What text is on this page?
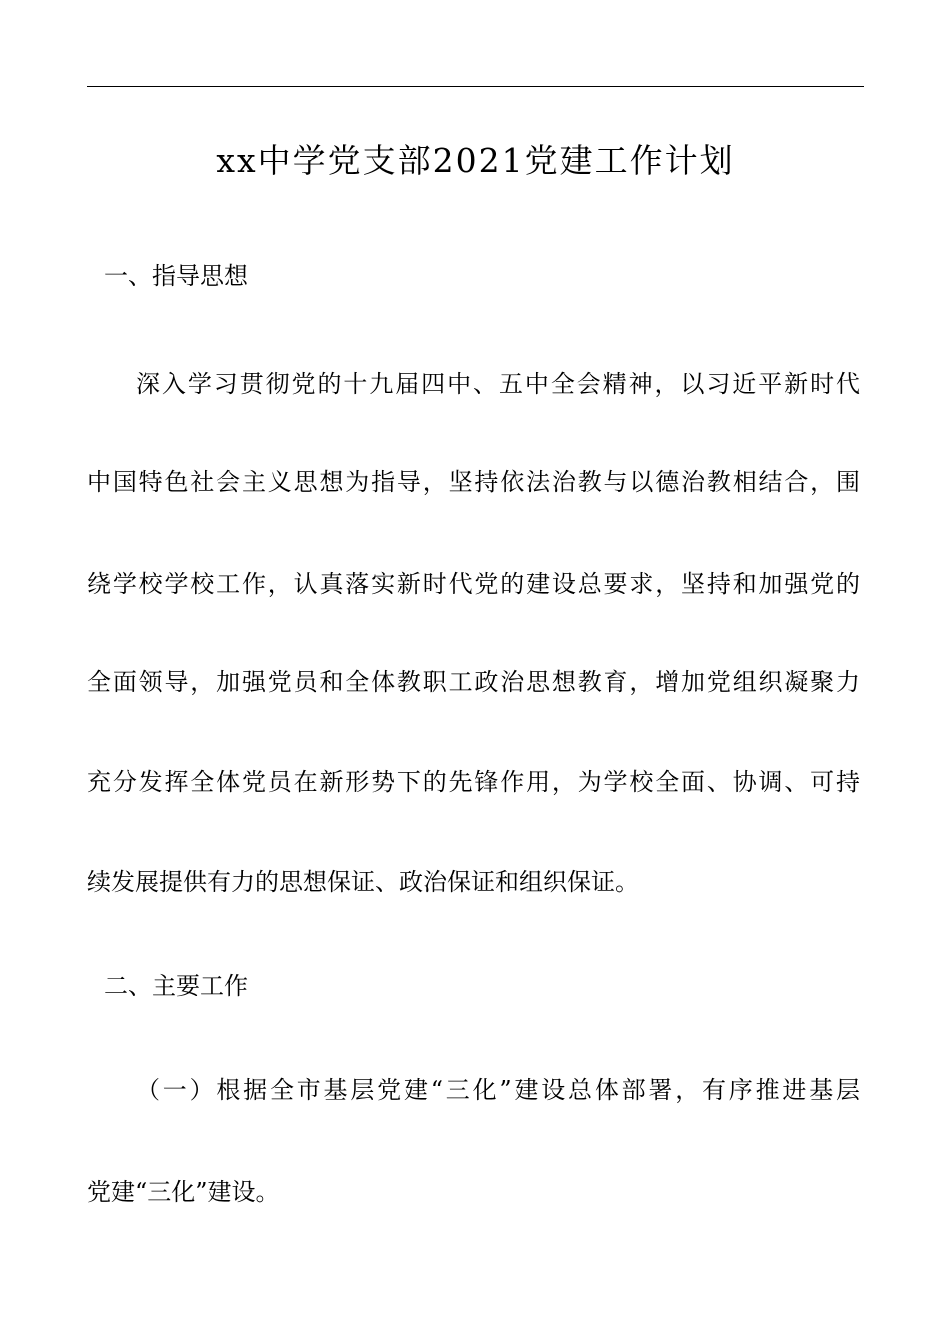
xx中学党支部2021党建工作计划
一、指导思想
深入学习贯彻党的十九届四中、五中全会精神，以习近平新时代
中国特色社会主义思想为指导，坚持依法治教与以德治教相结合，围
绕学校学校工作，认真落实新时代党的建设总要求，坚持和加强党的
全面领导，加强党员和全体教职工政治思想教育，增加党组织凝聚力
充分发挥全体党员在新形势下的先锋作用，为学校全面、协调、可持
续发展提供有力的思想保证、政治保证和组织保证。
二、主要工作
（一）根据全市基层党建“三化”建设总体部署，有序推进基层
党建“三化”建设。
